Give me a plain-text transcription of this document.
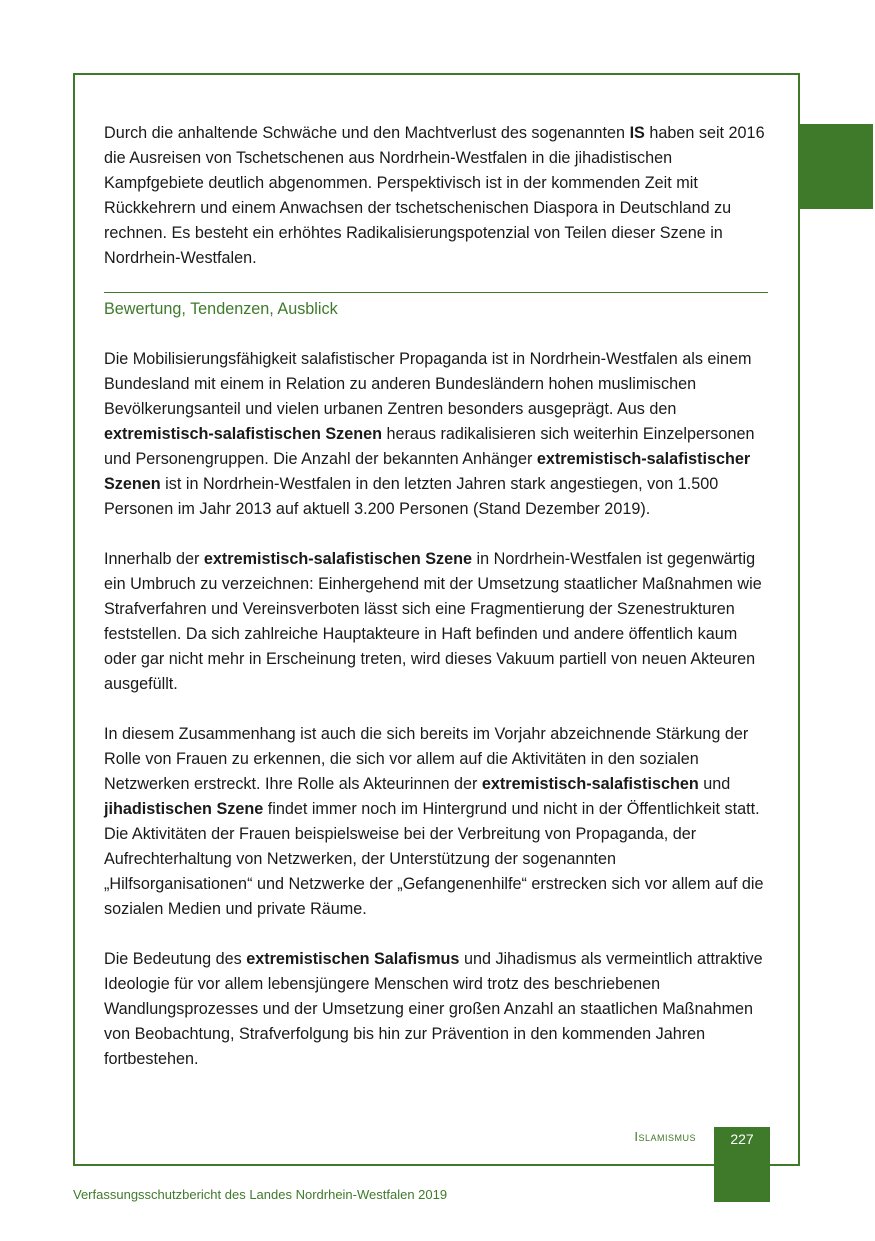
Durch die anhaltende Schwäche und den Machtverlust des sogenannten IS haben seit 2016 die Ausreisen von Tschetschenen aus Nordrhein-Westfalen in die jihadistischen Kampfgebiete deutlich abgenommen. Perspektivisch ist in der kommenden Zeit mit Rückkehrern und einem Anwachsen der tschetschenischen Diaspora in Deutschland zu rechnen. Es besteht ein erhöhtes Radikalisierungspotenzial von Teilen dieser Szene in Nordrhein-Westfalen.

Bewertung, Tendenzen, Ausblick

Die Mobilisierungsfähigkeit salafistischer Propaganda ist in Nordrhein-Westfalen als einem Bundesland mit einem in Relation zu anderen Bundesländern hohen muslimischen Bevölkerungsanteil und vielen urbanen Zentren besonders ausgeprägt. Aus den extremistisch-salafistischen Szenen heraus radikalisieren sich weiterhin Einzelpersonen und Personengruppen. Die Anzahl der bekannten Anhänger extremistisch-salafistischer Szenen ist in Nordrhein-Westfalen in den letzten Jahren stark angestiegen, von 1.500 Personen im Jahr 2013 auf aktuell 3.200 Personen (Stand Dezember 2019).

Innerhalb der extremistisch-salafistischen Szene in Nordrhein-Westfalen ist gegenwärtig ein Umbruch zu verzeichnen: Einhergehend mit der Umsetzung staatlicher Maßnahmen wie Strafverfahren und Vereinsverboten lässt sich eine Fragmentierung der Szenestrukturen feststellen. Da sich zahlreiche Hauptakteure in Haft befinden und andere öffentlich kaum oder gar nicht mehr in Erscheinung treten, wird dieses Vakuum partiell von neuen Akteuren ausgefüllt.

In diesem Zusammenhang ist auch die sich bereits im Vorjahr abzeichnende Stärkung der Rolle von Frauen zu erkennen, die sich vor allem auf die Aktivitäten in den sozialen Netzwerken erstreckt. Ihre Rolle als Akteurinnen der extremistisch-salafistischen und jihadistischen Szene findet immer noch im Hintergrund und nicht in der Öffentlichkeit statt. Die Aktivitäten der Frauen beispielsweise bei der Verbreitung von Propaganda, der Aufrechterhaltung von Netzwerken, der Unterstützung der sogenannten „Hilfsorganisationen“ und Netzwerke der „Gefangenenhilfe“ erstrecken sich vor allem auf die sozialen Medien und private Räume.

Die Bedeutung des extremistischen Salafismus und Jihadismus als vermeintlich attraktive Ideologie für vor allem lebensjüngere Menschen wird trotz des beschriebenen Wandlungsprozesses und der Umsetzung einer großen Anzahl an staatlichen Maßnahmen von Beobachtung, Strafverfolgung bis hin zur Prävention in den kommenden Jahren fortbestehen.

Islamismus	227
Verfassungsschutzbericht des Landes Nordrhein-Westfalen 2019
